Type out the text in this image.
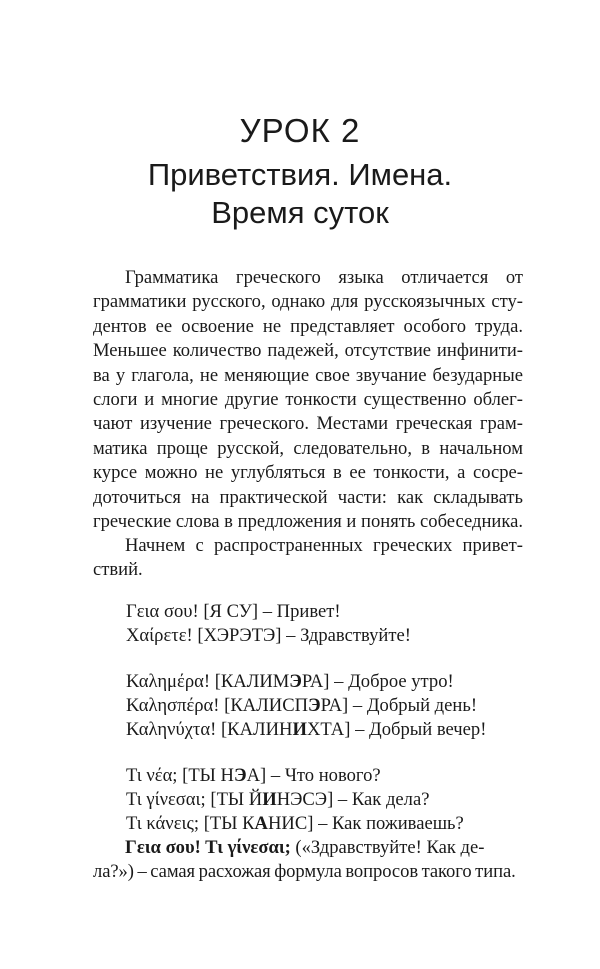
УРОК 2
Приветствия. Имена.
Время суток
Грамматика греческого языка отличается от
грамматики русского, однако для русскоязычных сту-
дентов ее освоение не представляет особого труда.
Меньшее количество падежей, отсутствие инфинити-
ва у глагола, не меняющие свое звучание безударные
слоги и многие другие тонкости существенно облег-
чают изучение греческого. Местами греческая грам-
матика проще русской, следовательно, в начальном
курсе можно не углубляться в ее тонкости, а сосре-
доточиться на практической части: как складывать
греческие слова в предложения и понять собеседника.
Начнем с распространенных греческих привет-
ствий.
Γεια σου! [Я СУ] – Привет!
Χαίρετε! [ХЭРЭТЭ] – Здравствуйте!
Καλημέρα! [КАЛИМЭРА] – Доброе утро!
Καλησπέρα! [КАЛИСПЭРА] – Добрый день!
Καληνύχτα! [КАЛИНИХТА] – Добрый вечер!
Τι νέα; [ТЫ НЭА] – Что нового?
Τι γίνεσαι; [ТЫ ЙИНЭСЭ] – Как дела?
Τι κάνεις; [ТЫ КАНИС] – Как поживаешь?
Γεια σου! Τι γίνεσαι; («Здравствуйте! Как де-
ла?») – самая расхожая формула вопросов такого типа.
